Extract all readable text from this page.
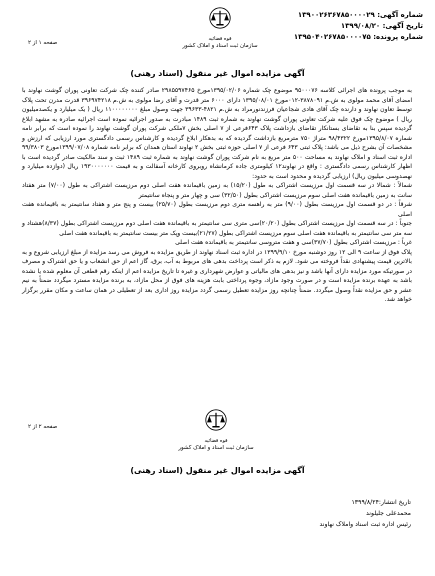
قوه قضائیه
سازمان ثبت اسناد و املاک کشور
شماره آگهی: ۱۳۹۰۰۲۶۳۶۷۸۵۰۰۰۰۲۹
تاریخ آگهی: ۱۳۹۹/۰۸/۲۰
شماره پرونده: ۱۳۹۵۰۴۰۲۶۷۸۵۰۰۰۰۷۵
صفحه ۱ از ۲
آگهی مزایده اموال غیر منقول (اسناد رهنی)

به موجب پرونده های اجرائی کلاسه ۹۵۰۰۰۷۶ موضوع چک شماره ۱۳۹۵/۰۲/۰۶مورخ ۲۹۸۵۵۹۷۴۶۵ صادر کننده چک شرکت تعاونی پوران گوشت نهاوند با امضای آقای محمد مولوی به ش.م ۳۸۷۸۰۹۱-۰۱۲مورخ ۱۳۹۵/۰۸/۰۱ دارای ۶۰۰۰ متر قدرت و آقای رضا مولوی به ش.م ۳۹۶۹۷۴۲۱۸ قدرت مدرن تحت پلاک توسط تعاون نهاوند و دارنده چک آقای هادی شجاعیان فرزندنورمراد به ش.م ۴۸۲۱-۳۹۶۳۳ جهت وصول مبلغ ۱۱۰۰۰۰۰۰۰۰ ریال ( یک میلیارد و یکصدمیلیون ریال ) موضوع چک فوق علیه شرکت تعاونی پوران گوشت نهاوند به شماره ثبت ۱۴۸۹ مبادرت به صدور اجرائیه نموده است اجرائیه صادره به مشهد ابلاغ گردیده سپس بنا به تقاضای بستانکار تقاضای بازداشت پلاک ۶۴۳فرعی از ۷ اصلی بخش ۷ملکی شرکت پوران گوشت نهاوند را نموده است که برابر نامه شماره ۱۳۹۵/۸/۰۷مورخ ۹۸/۴۳۲۲ متراژ ۷۵۰ مترمربع بازداشت گردیده که به بدهکار ابلاغ گردیده و کارشناس رسمی دادگستری مورد ارزیابی که ارزش و مشخصات آن بشرح ذیل می باشد: پلاک ثبتی ۶۴۳ فرعی از ۷ اصلی حوزه ثبتی بخش ۲ نهاوند استان همدان که برابر نامه شماره ۱۳۹۹/۰۷/۰۸مورخ ۹۹/۳۸۰۳ اداره ثبت اسناد و املاک نهاوند به مساحت ۵۰۰ متر مربع به نام شرکت پوران گوشت نهاوند به شماره ثبت ۱۴۸۹ ثبت و سند مالکیت صادر گردیده است با اظهار کارشناس رسمی دادگستری : واقع در نهاوند۱۲ کیلومتری جاده کرمانشاه روبروی کارخانه آسفالت و به قیمت ۱۹۳۰۰۰۰۰۰۰ ریال (دوازده میلیارد و نهصدوسی میلیون ریال) ارزیابی گردیده و محدود است به حدود:

شمالاً : شمالا در سه قسمت اول مرزیست اشتراکی به طول (۱۵/۲۰) به زمین باقیمانده هفت اصلی دوم مرزیست اشتراکی به طول (۷/۰۰) متر هفتاد سانت به زمین باقیمانده هفت اصلی سوم مرزیست اشتراکی بطول (۳۲/۵۰) سی و چهار متر و پنجاه سانتیمتر

شرقاً : در دو قسمت اول مرزیست بطول (۹/۰۰) متر به راهسه متری دوم مرزیست بطول (۲۵/۷۰) بیست و پنج متر و هفتاد سانتیمتر به باقیمانده هفت اصلی

جنوباً : در سه قسمت اول مرزیست اشتراکی بطول (۲۰/۲۰)سی متری سی سانتیمتر به باقیمانده هفت اصلی دوم مرزیست اشتراکی بطول (۸/۳۷)هشتاد و سه متر سی سانتیمتر به باقیمانده هفت اصلی سوم مرزیست اشتراکی بطول (۲۱/۲۷)بیست وپک متر بیست سانتیمتر به باقیمانده هفت اصلی

غرباً : مرزیست اشتراکی بطول (۳۷/۷۰)سی و هفت متروسی سانتیمتر به باقیمانده هفت اصلی

پلاک فوق از ساعت ۹ الی ۱۲ روز دوشنبه مورخ ۱۳۹۹/۹/۱۰ در اداره ثبت اسناد نهاوند از طریق مزایده به فروش می رسد مزایده از مبلغ ارزیابی شروع و به بالاترین قیمت پیشنهادی نقداً فروخته می شود. لازم به ذکر است پرداخت بدهی های مربوط به آب، برق، گاز اعم از حق انشعاب و یا حق اشتراک و مصرف در صورتیکه مورد مزایده دارای آنها باشد و نیز بدهی های مالیاتی و عوارض شهرداری و غیره تا تاریخ مزایده اعم از اینکه رقم قطعی آن معلوم شده یا نشده باشد به عهده برنده مزایده است و در صورت وجود مازاد، وجوه پرداختی بابت هزینه های فوق از محل مازاد، به برنده مزایده مسترد میگردد ضمناً به نیم عشر و حق مزایده نقداً وصول میگردد. ضمناً چنانچه روز مزایده تعطیل رسمی گردد مزایده روز اداری بعد از تعطیلی در همان ساعت و مکان مقرر برگزار خواهد شد.

قوه قضائیه
سازمان ثبت اسناد و املاک کشور
صفحه ۲ از ۲
آگهی مزایده اموال غیر منقول (اسناد رهنی)
تاریخ انتشار:۱۳۹۹/۸/۲۴
محمدعلی جلیلوند
رئیس اداره ثبت اسناد واملاک نهاوند
